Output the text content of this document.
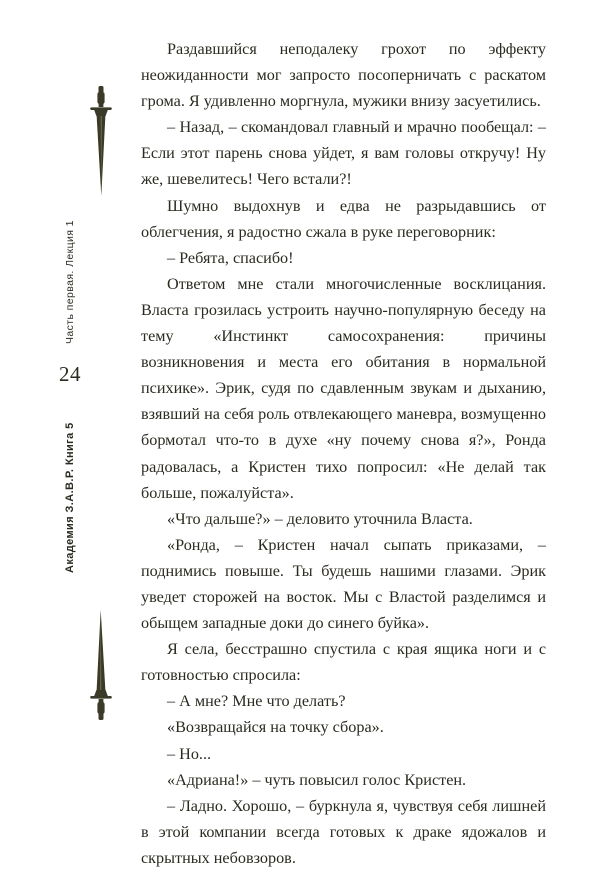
Часть первая. Лекция 1
24
Академия З.А.В.Р. Книга 5

Раздавшийся неподалеку грохот по эффекту неожиданности мог запросто посоперничать с раскатом грома. Я удивленно моргнула, мужики внизу засуетились.

– Назад, – скомандовал главный и мрачно пообещал: – Если этот парень снова уйдет, я вам головы откручу! Ну же, шевелитесь! Чего встали?!

Шумно выдохнув и едва не разрыдавшись от облегчения, я радостно сжала в руке переговорник:

– Ребята, спасибо!

Ответом мне стали многочисленные восклицания. Власта грозилась устроить научно-популярную беседу на тему «Инстинкт самосохранения: причины возникновения и места его обитания в нормальной психике». Эрик, судя по сдавленным звукам и дыханию, взявший на себя роль отвлекающего маневра, возмущенно бормотал что-то в духе «ну почему снова я?», Ронда радовалась, а Кристен тихо попросил: «Не делай так больше, пожалуйста».

«Что дальше?» – деловито уточнила Власта.

«Ронда, – Кристен начал сыпать приказами, – поднимись повыше. Ты будешь нашими глазами. Эрик уведет сторожей на восток. Мы с Властой разделимся и обыщем западные доки до синего буйка».

Я села, бесстрашно спустила с края ящика ноги и с готовностью спросила:

– А мне? Мне что делать?

«Возвращайся на точку сбора».

– Но...

«Адриана!» – чуть повысил голос Кристен.

– Ладно. Хорошо, – буркнула я, чувствуя себя лишней в этой компании всегда готовых к драке ядожалов и скрытных небовзоров.
